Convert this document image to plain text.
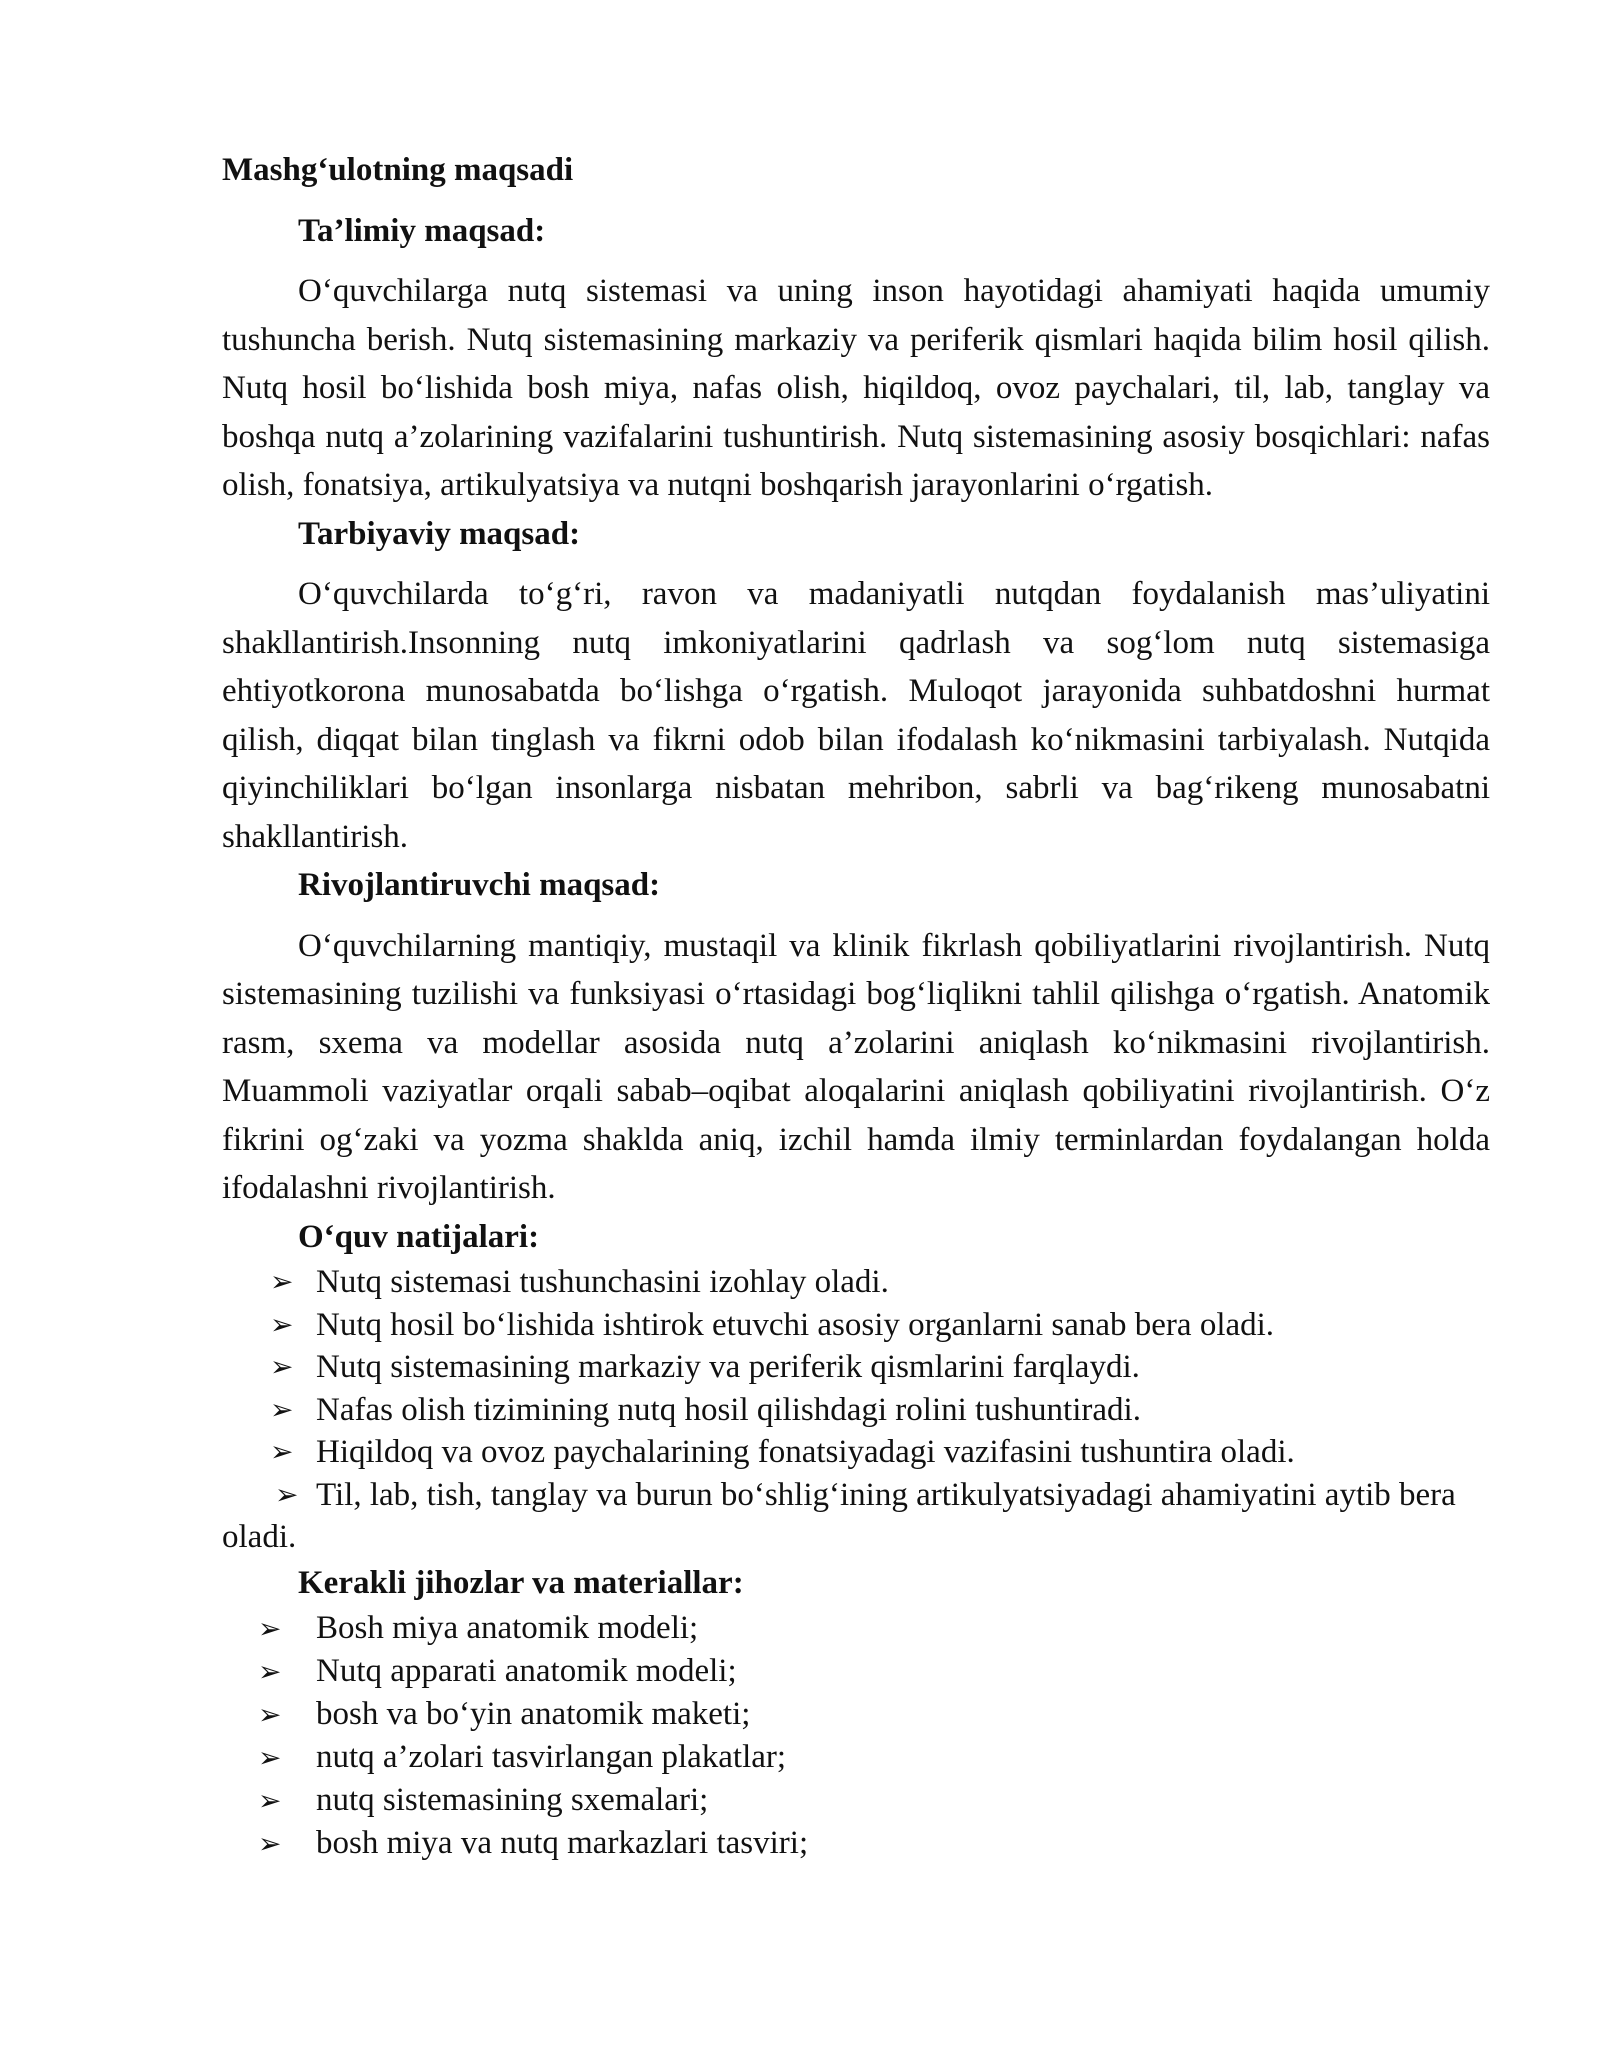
Mashg‘ulotning maqsadi
Ta’limiy maqsad:

O‘quvchilarga nutq sistemasi va uning inson hayotidagi ahamiyati haqida umumiy tushuncha berish. Nutq sistemasining markaziy va periferik qismlari haqida bilim hosil qilish. Nutq hosil bo‘lishida bosh miya, nafas olish, hiqildoq, ovoz paychalari, til, lab, tanglay va boshqa nutq a’zolarining vazifalarini tushuntirish. Nutq sistemasining asosiy bosqichlari: nafas olish, fonatsiya, artikulyatsiya va nutqni boshqarish jarayonlarini o‘rgatish.

Tarbiyaviy maqsad:

O‘quvchilarda to‘g‘ri, ravon va madaniyatli nutqdan foydalanish mas’uliyatini shakllantirish.Insonning nutq imkoniyatlarini qadrlash va sog‘lom nutq sistemasiga ehtiyotkorona munosabatda bo‘lishga o‘rgatish. Muloqot jarayonida suhbatdoshni hurmat qilish, diqqat bilan tinglash va fikrni odob bilan ifodalash ko‘nikmasini tarbiyalash. Nutqida qiyinchiliklari bo‘lgan insonlarga nisbatan mehribon, sabrli va bag‘rikeng munosabatni shakllantirish.

Rivojlantiruvchi maqsad:

O‘quvchilarning mantiqiy, mustaqil va klinik fikrlash qobiliyatlarini rivojlantirish. Nutq sistemasining tuzilishi va funksiyasi o‘rtasidagi bog‘liqlikni tahlil qilishga o‘rgatish. Anatomik rasm, sxema va modellar asosida nutq a’zolarini aniqlash ko‘nikmasini rivojlantirish. Muammoli vaziyatlar orqali sabab–oqibat aloqalarini aniqlash qobiliyatini rivojlantirish. O‘z fikrini og‘zaki va yozma shaklda aniq, izchil hamda ilmiy terminlardan foydalangan holda ifodalashni rivojlantirish.

O‘quv natijalari:
➢ Nutq sistemasi tushunchasini izohlay oladi.
➢ Nutq hosil bo‘lishida ishtirok etuvchi asosiy organlarni sanab bera oladi.
➢ Nutq sistemasining markaziy va periferik qismlarini farqlaydi.
➢ Nafas olish tizimining nutq hosil qilishdagi rolini tushuntiradi.
➢ Hiqildoq va ovoz paychalarining fonatsiyadagi vazifasini tushuntira oladi.
➢ Til, lab, tish, tanglay va burun bo‘shlig‘ining artikulyatsiyadagi ahamiyatini aytib bera oladi.
Kerakli jihozlar va materiallar:
➢ Bosh miya anatomik modeli;
➢ Nutq apparati anatomik modeli;
➢ bosh va bo‘yin anatomik maketi;
➢ nutq a’zolari tasvirlangan plakatlar;
➢ nutq sistemasining sxemalari;
➢ bosh miya va nutq markazlari tasviri;
